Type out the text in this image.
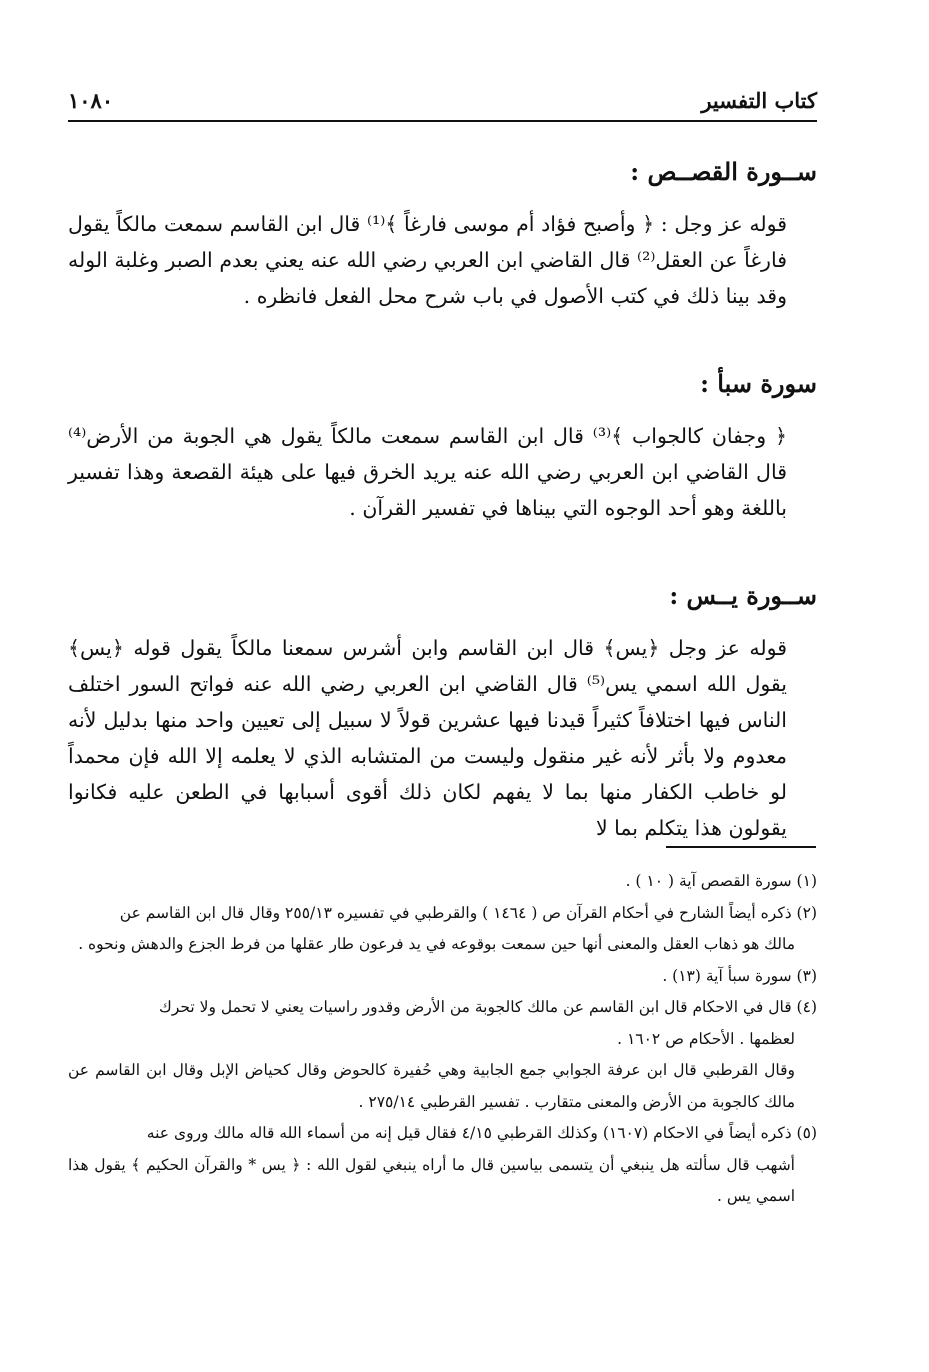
كتاب التفسير
١٠٨٠

ســورة القصــص :

قوله عز وجل : ﴿ وأصبح فؤاد أم موسى فارغاً ﴾⁽¹⁾ قال ابن القاسم سمعت مالكاً يقول فارغاً عن العقل⁽²⁾ قال القاضي ابن العربي رضي الله عنه يعني بعدم الصبر وغلبة الوله وقد بينا ذلك في كتب الأصول في باب شرح محل الفعل فانظره .

سورة سبأ :

﴿ وجفان كالجواب ﴾⁽³⁾ قال ابن القاسم سمعت مالكاً يقول هي الجوبة من الأرض⁽⁴⁾ قال القاضي ابن العربي رضي الله عنه يريد الخرق فيها على هيئة القصعة وهذا تفسير باللغة وهو أحد الوجوه التي بيناها في تفسير القرآن .

ســورة يــس :

قوله عز وجل ﴿يس﴾ قال ابن القاسم وابن أشرس سمعنا مالكاً يقول قوله ﴿يس﴾ يقول الله اسمي يس⁽⁵⁾ قال القاضي ابن العربي رضي الله عنه فواتح السور اختلف الناس فيها اختلافاً كثيراً قيدنا فيها عشرين قولاً لا سبيل إلى تعيين واحد منها بدليل لأنه معدوم ولا بأثر لأنه غير منقول وليست من المتشابه الذي لا يعلمه إلا الله فإن محمداً لو خاطب الكفار منها بما لا يفهم لكان ذلك أقوى أسبابها في الطعن عليه فكانوا يقولون هذا يتكلم بما لا

(١) سورة القصص آية ( ١٠ ) .

(٢) ذكره أيضاً الشارح في أحكام القرآن ص ( ١٤٦٤ ) والقرطبي في تفسيره ٢٥٥/١٣ وقال قال ابن القاسم عن

مالك هو ذهاب العقل والمعنى أنها حين سمعت بوقوعه في يد فرعون طار عقلها من فرط الجزع والدهش ونحوه .

(٣) سورة سبأ آية (١٣) .

(٤) قال في الاحكام قال ابن القاسم عن مالك كالجوبة من الأرض وقدور راسيات يعني لا تحمل ولا تحرك

لعظمها . الأحكام ص ١٦٠٢ .

وقال القرطبي قال ابن عرفة الجوابي جمع الجابية وهي حُفيرة كالحوض وقال كحياض الإبل وقال ابن القاسم عن مالك كالجوبة من الأرض والمعنى متقارب . تفسير القرطبي ٢٧٥/١٤ .

(٥) ذكره أيضاً في الاحكام (١٦٠٧) وكذلك القرطبي ٤/١٥ فقال قيل إنه من أسماء الله قاله مالك وروى عنه

أشهب قال سألته هل ينبغي أن يتسمى بياسين قال ما أراه ينبغي لقول الله : ﴿ يس * والقرآن الحكيم ﴾ يقول هذا اسمي يس .
